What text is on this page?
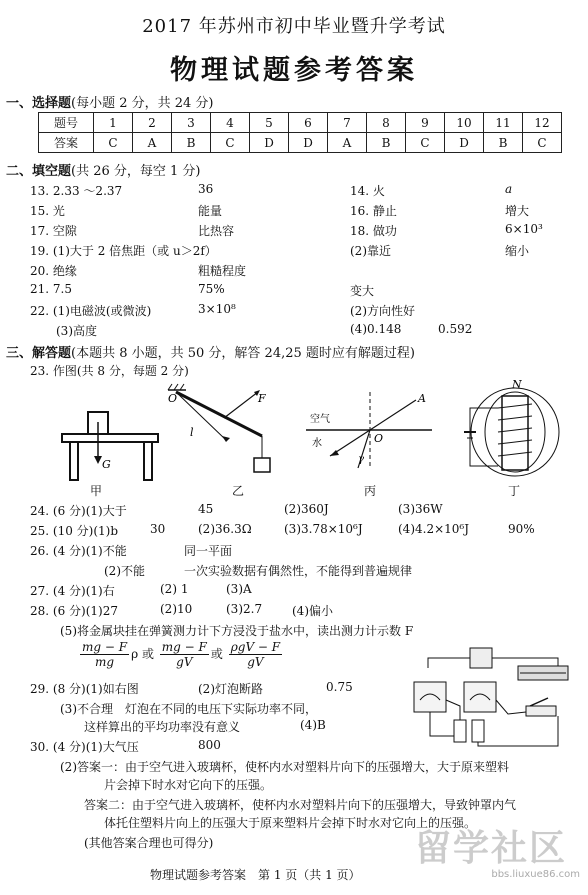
2017 年苏州市初中毕业暨升学考试
物理试题参考答案
一、选择题(每小题 2 分，共 24 分)
题号	1	2	3	4	5	6	7	8	9	10	11	12
答案	C	A	B	C	D	D	A	B	C	D	B	C
二、填空题(共 26 分，每空 1 分)
13. 2.33 ～2.37	36	14. 火	a
15. 光	能量	16. 静止	增大
17. 空隙	比热容	18. 做功	6×10³
19. (1)大于 2 倍焦距（或 u＞2f）	(2)靠近	缩小
20. 绝缘	粗糙程度
21. 7.5	75%	变大
22. (1)电磁波(或微波)	3×10⁸	(2)方向性好
(3)高度	(4)0.148	0.592
三、解答题(本题共 8 小题，共 50 分，解答 24,25 题时应有解题过程)
23. 作图(共 8 分，每题 2 分)
G
O	F
l
空气
水
A
O
γ
N
甲	乙	丙	丁
24. (6 分)(1)大于	45	(2)360J	(3)36W
25. (10 分)(1)b	30	(2)36.3Ω	(3)3.78×10⁶J	(4)4.2×10⁶J	90%
26. (4 分)(1)不能	同一平面
(2)不能	一次实验数据有偶然性，不能得到普遍规律
27. (4 分)(1)右	(2) 1	(3)A
28. (6 分)(1)27	(2)10	(3)2.7 (4)偏小
(5)将金属块挂在弹簧测力计下方浸没于盐水中，读出测力计示数 F
$\frac{mg - F}{mg}$ ρ 或 $\frac{mg - F}{gV}$ 或 $\frac{\text{ρgV − F}}{gV}$
29. (8 分)(1)如右图	(2)灯泡断路	0.75
(3)不合理　灯泡在不同的电压下实际功率不同，
这样算出的平均功率没有意义	(4)B
30. (4 分)(1)大气压	800
(2)答案一：由于空气进入玻璃杯，使杯内水对塑料片向下的压强增大，大于原来塑料
片会掉下时水对它向下的压强。
答案二：由于空气进入玻璃杯，使杯内水对塑料片向下的压强增大，导致钟罩内气
体托住塑料片向上的压强大于原来塑料片会掉下时水对它向上的压强。
(其他答案合理也可得分)
物理试题参考答案　第 1 页（共 1 页）
留学社区
bbs.liuxue86.com
